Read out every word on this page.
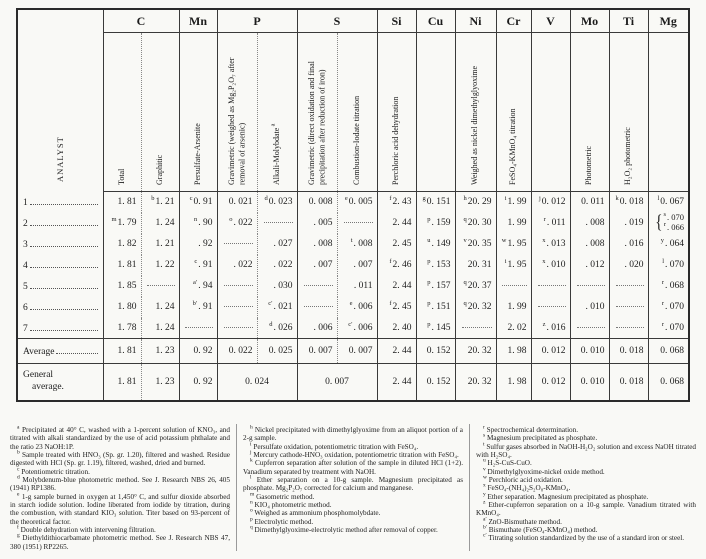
ANALYST	C		Mn	P		S		Si	Cu	Ni	Cr	V	Mo	Ti	Mg
	Total	Graphitic	Persulfate-Arsenite	Gravimetric (weighed as Mg₂P₂O₇ after removal of arsenic)	Alkali-Molybdate $^a$	Gravimetric (direct oxidation and final precipitation after reduction of iron)	Combustion-Iodate titration	Perchloric acid dehydration		Weighed as nickel dimethylglyoxime	FeSO₄-KMnO₄ titration		Photometric	H₂O₂ photometric	

1	1. 81	$^b$1. 21	$^c$0. 91	0. 021	$^d$0. 023	0. 008	$^e$0. 005	$^f$2. 43	$^g$0. 151	$^h$20. 29	$^i$1. 99	$^j$0. 012	0. 011	$^k$0. 018	$^l$0. 067

2	$^m$1. 79	1. 24	$^n$. 90	$^o$. 022		. 005		2. 44	$^p$. 159	$^q$20. 30	1. 99	$^r$. 011	. 008	. 019	{ $^s$. 070
$^r$. 066

3	1. 82	1. 21	. 92		. 027	. 008	$^t$. 008	2. 45	$^u$. 149	$^v$20. 35	$^w$1. 95	$^x$. 013	. 008	. 016	$^y$. 064

4	1. 81	1. 22	$^c$. 91	. 022	. 022	. 007	. 007	$^f$2. 46	$^p$. 153	20. 31	$^i$1. 95	$^x$. 010	. 012	. 020	$^l$. 070

5	1. 85		$^{a'}$. 94		. 030		. 011	2. 44	$^p$. 157	$^q$20. 37					$^r$. 068

6	1. 80	1. 24	$^{b'}$. 91		$^{c'}$. 021		$^e$. 006	$^f$2. 45	$^p$. 151	$^q$20. 32	1. 99		. 010		$^r$. 070

7	1. 78	1. 24			$^d$. 026	. 006	$^{c'}$. 006	2. 40	$^p$. 145		2. 02	$^z$. 016			$^r$. 070

Average	1. 81	1. 23	0. 92	0. 022	0. 025	0. 007	0. 007	2. 44	0. 152	20. 32	1. 98	0. 012	0. 010	0. 018	0. 068

General
average.	1. 81	1. 23	0. 92	0. 024		0. 007		2. 44	0. 152	20. 32	1. 98	0. 012	0. 010	0. 018	0. 068

$^a$ Precipitated at 40° C, washed with a 1-percent solution of KNO₃, and titrated with alkali standardized by the use of acid potassium phthalate and the ratio 23 NaOH:1P.

$^b$ Sample treated with HNO₃ (Sp. gr. 1.20), filtered and washed. Residue digested with HCl (Sp. gr. 1.19), filtered, washed, dried and burned.

$^c$ Potentiometric titration.

$^d$ Molybdenum-blue photometric method. See J. Research NBS 26, 405 (1941) RP1386.

$^e$ 1-g sample burned in oxygen at 1,450° C, and sulfur dioxide absorbed in starch iodide solution. Iodine liberated from iodide by titration, during the combustion, with standard KIO₃ solution. Titer based on 93-percent of the theoretical factor.

$^f$ Double dehydration with intervening filtration.

$^g$ Diethyldithiocarbamate photometric method. See J. Research NBS 47, 380 (1951) RP2265.

$^h$ Nickel precipitated with dimethylglyoxime from an aliquot portion of a 2-g sample.

$^i$ Persulfate oxidation, potentiometric titration with FeSO₄.

$^j$ Mercury cathode-HNO₃ oxidation, potentiometric titration with FeSO₄.

$^k$ Cupferron separation after solution of the sample in diluted HCl (1+2). Vanadium separated by treatment with NaOH.

$^l$ Ether separation on a 10-g sample. Magnesium precipitated as phosphate. Mg₂P₂O₇ corrected for calcium and manganese.

$^m$ Gasometric method.

$^n$ KIO₄ photometric method.

$^o$ Weighed as ammonium phosphomolybdate.

$^p$ Electrolytic method.

$^q$ Dimethylglyoxime-electrolytic method after removal of copper.

$^r$ Spectrochemical determination.

$^s$ Magnesium precipitated as phosphate.

$^t$ Sulfur gases absorbed in NaOH-H₂O₂ solution and excess NaOH titrated with H₂SO₄.

$^u$ H₂S-CuS-CuO.

$^v$ Dimethylglyoxime-nickel oxide method.

$^w$ Perchloric acid oxidation.

$^x$ FeSO₄-(NH₄)₂S₂O₈-KMnO₄.

$^y$ Ether separation. Magnesium precipitated as phosphate.

$^z$ Ether-cupferron separation on a 10-g sample. Vanadium titrated with KMnO₄.

$^{a'}$ ZnO-Bismuthate method.

$^{b'}$ Bismuthate (FeSO₄-KMnO₄) method.

$^{c'}$ Titrating solution standardized by the use of a standard iron or steel.
